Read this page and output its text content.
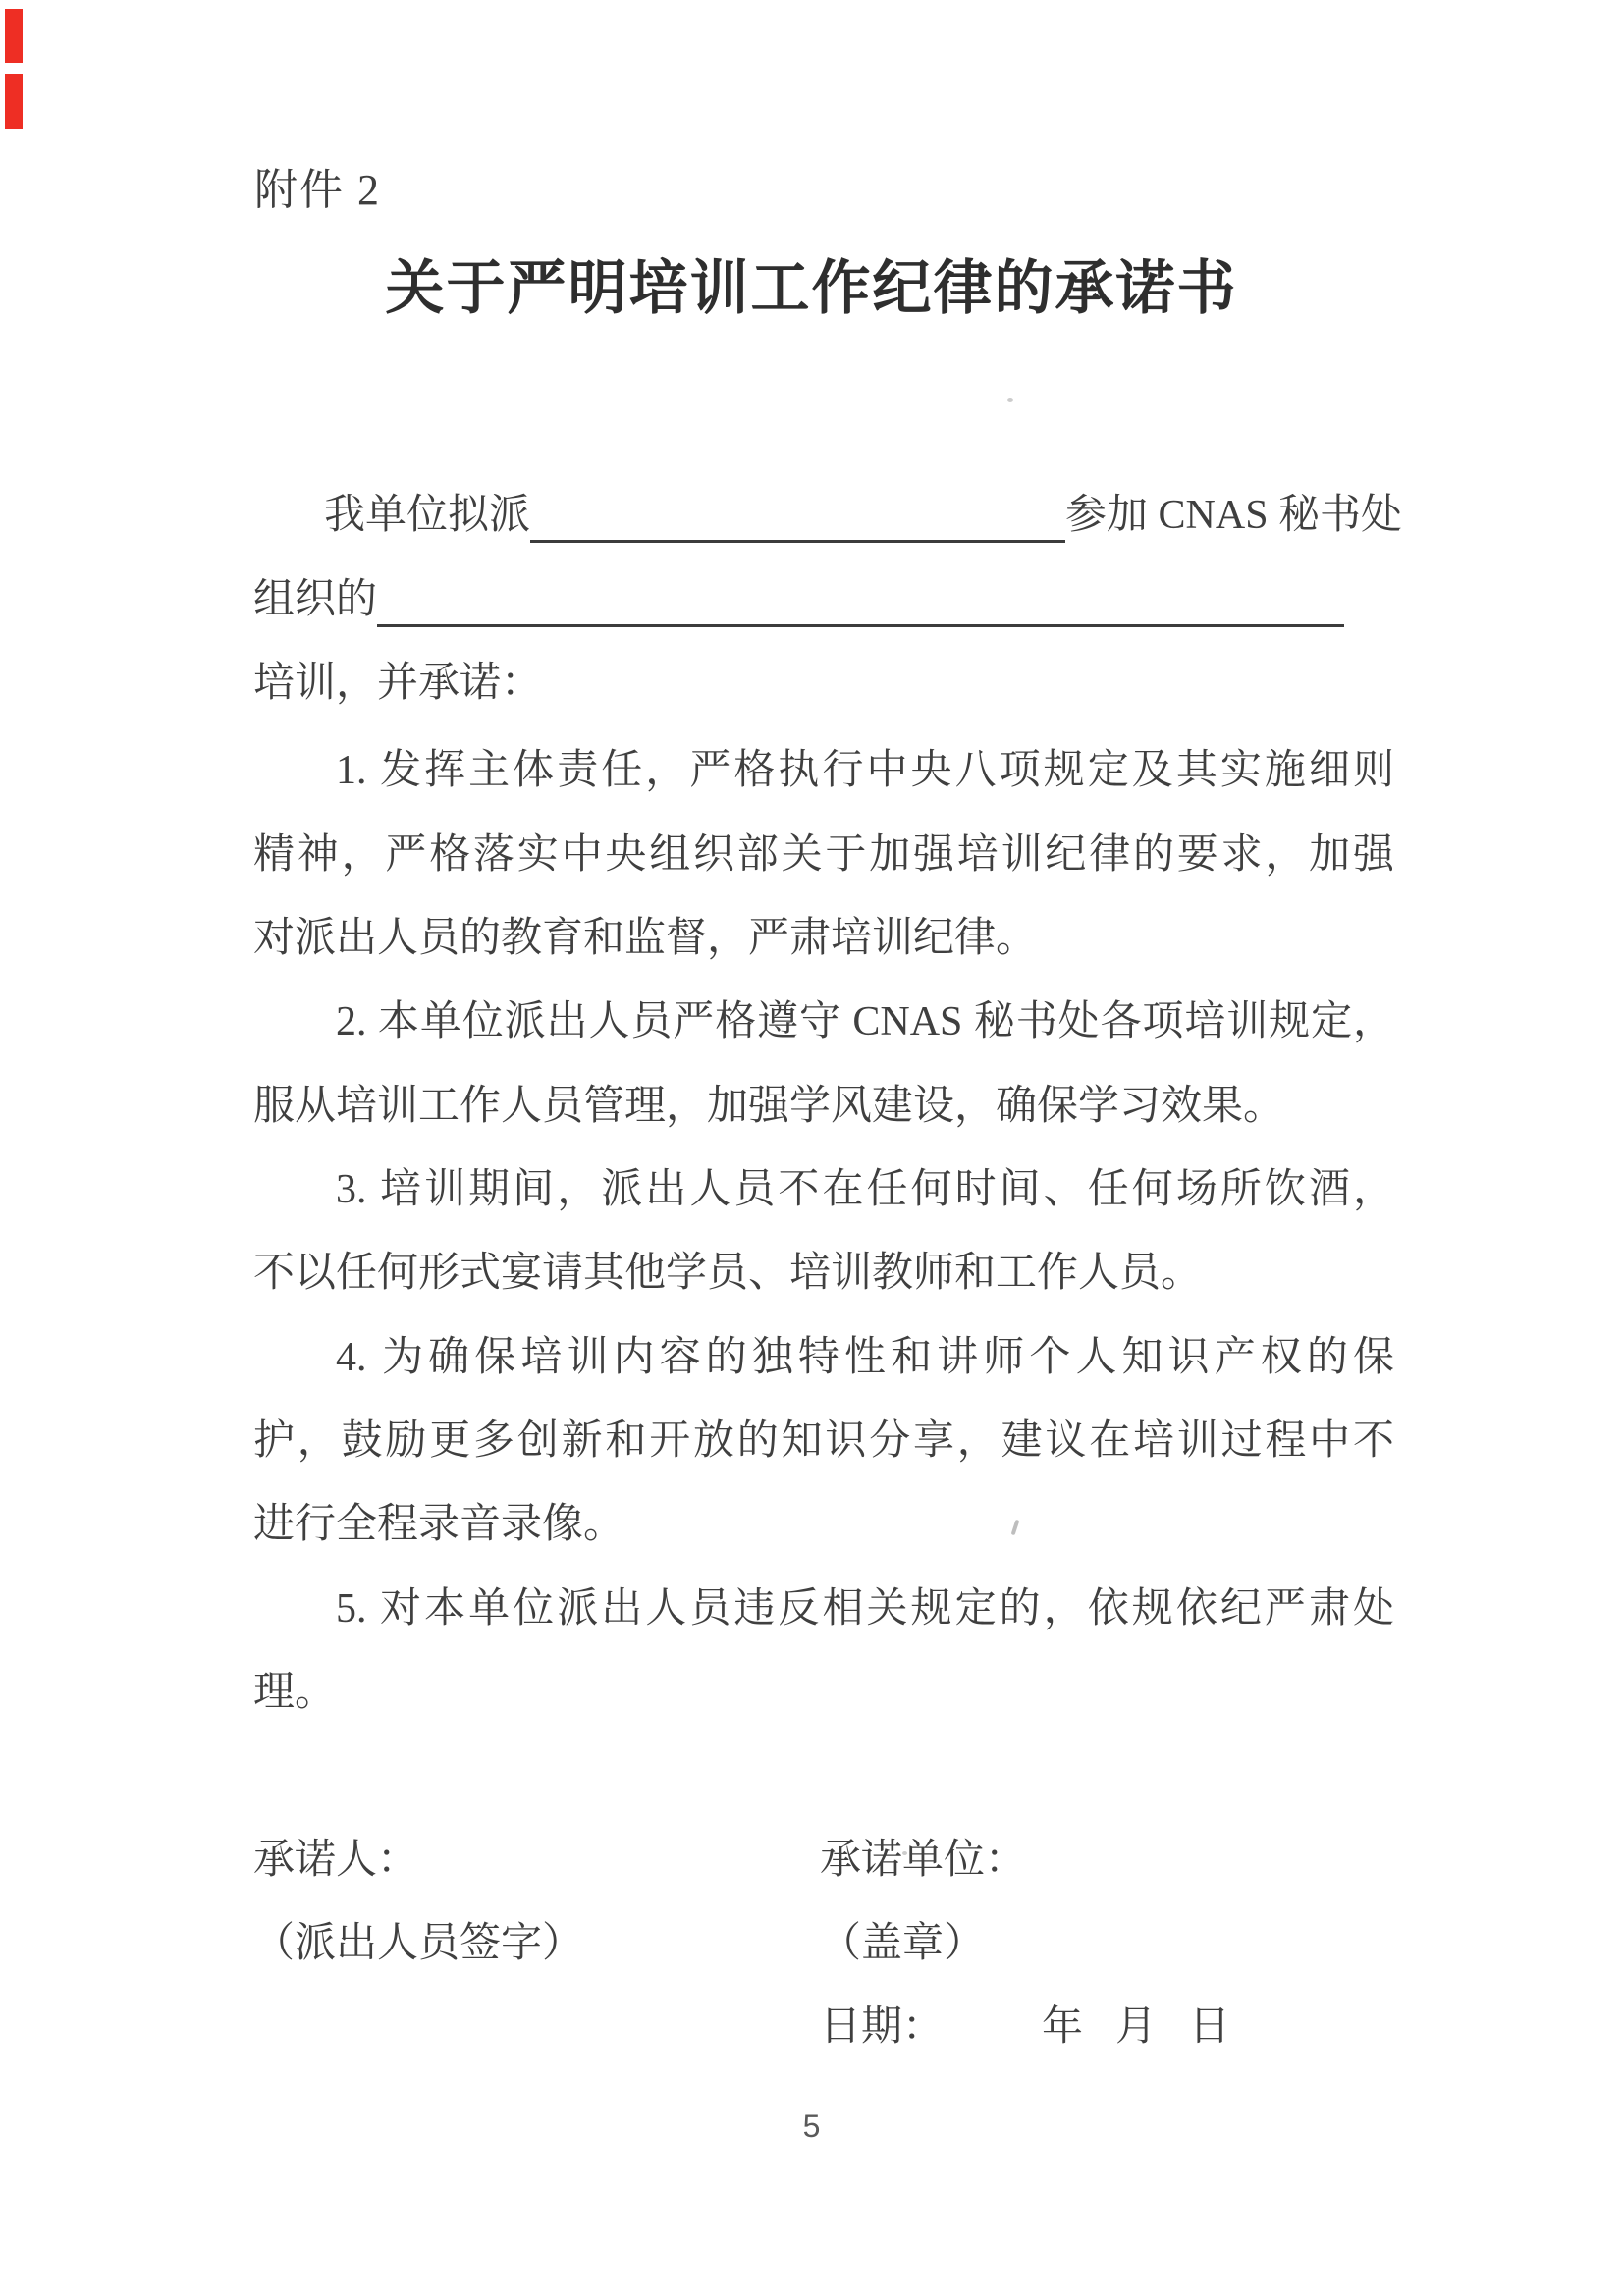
附件 2
关于严明培训工作纪律的承诺书
我单位拟派	参加 CNAS 秘书处
组织的
培训，并承诺：
1. 发挥主体责任，严格执行中央八项规定及其实施细则
精神，严格落实中央组织部关于加强培训纪律的要求，加强
对派出人员的教育和监督，严肃培训纪律。
2. 本单位派出人员严格遵守 CNAS 秘书处各项培训规定，
服从培训工作人员管理，加强学风建设，确保学习效果。
3. 培训期间，派出人员不在任何时间、任何场所饮酒，
不以任何形式宴请其他学员、培训教师和工作人员。
4. 为确保培训内容的独特性和讲师个人知识产权的保
护，鼓励更多创新和开放的知识分享，建议在培训过程中不
进行全程录音录像。
5. 对本单位派出人员违反相关规定的，依规依纪严肃处
理。
承诺人：	承诺单位：
（派出人员签字）	（盖章）
日期： 年 月 日
5
